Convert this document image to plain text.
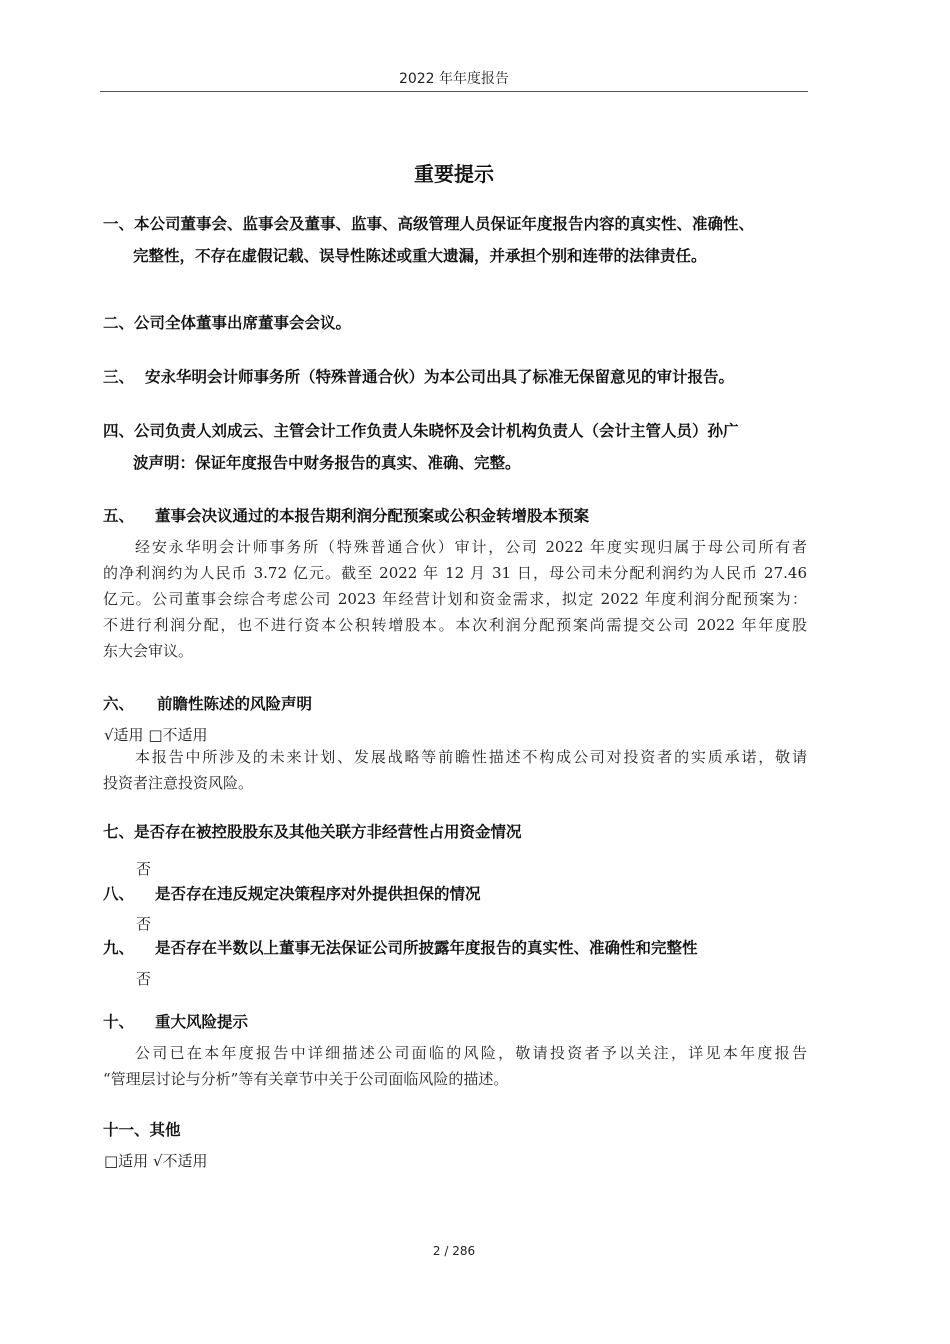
2022 年年度报告
重要提示
一、本公司董事会、监事会及董事、监事、高级管理人员保证年度报告内容的真实性、准确性、
完整性，不存在虚假记载、误导性陈述或重大遗漏，并承担个别和连带的法律责任。
二、公司全体董事出席董事会会议。
三、 安永华明会计师事务所（特殊普通合伙）为本公司出具了标准无保留意见的审计报告。
四、公司负责人刘成云、主管会计工作负责人朱晓怀及会计机构负责人（会计主管人员）孙广
波声明：保证年度报告中财务报告的真实、准确、完整。
五、 董事会决议通过的本报告期利润分配预案或公积金转增股本预案
经安永华明会计师事务所（特殊普通合伙）审计，公司 2022 年度实现归属于母公司所有者
的净利润约为人民币 3.72 亿元。截至 2022 年 12 月 31 日，母公司未分配利润约为人民币 27.46
亿元。公司董事会综合考虑公司 2023 年经营计划和资金需求，拟定 2022 年度利润分配预案为：
不进行利润分配，也不进行资本公积转增股本。本次利润分配预案尚需提交公司 2022 年年度股
东大会审议。
六、 前瞻性陈述的风险声明
√适用 □不适用
本报告中所涉及的未来计划、发展战略等前瞻性描述不构成公司对投资者的实质承诺，敬请
投资者注意投资风险。
七、是否存在被控股股东及其他关联方非经营性占用资金情况
否
八、 是否存在违反规定决策程序对外提供担保的情况
否
九、 是否存在半数以上董事无法保证公司所披露年度报告的真实性、准确性和完整性
否
十、 重大风险提示
公司已在本年度报告中详细描述公司面临的风险，敬请投资者予以关注，详见本年度报告
“管理层讨论与分析”等有关章节中关于公司面临风险的描述。
十一、其他
□适用 √不适用
2 / 286
